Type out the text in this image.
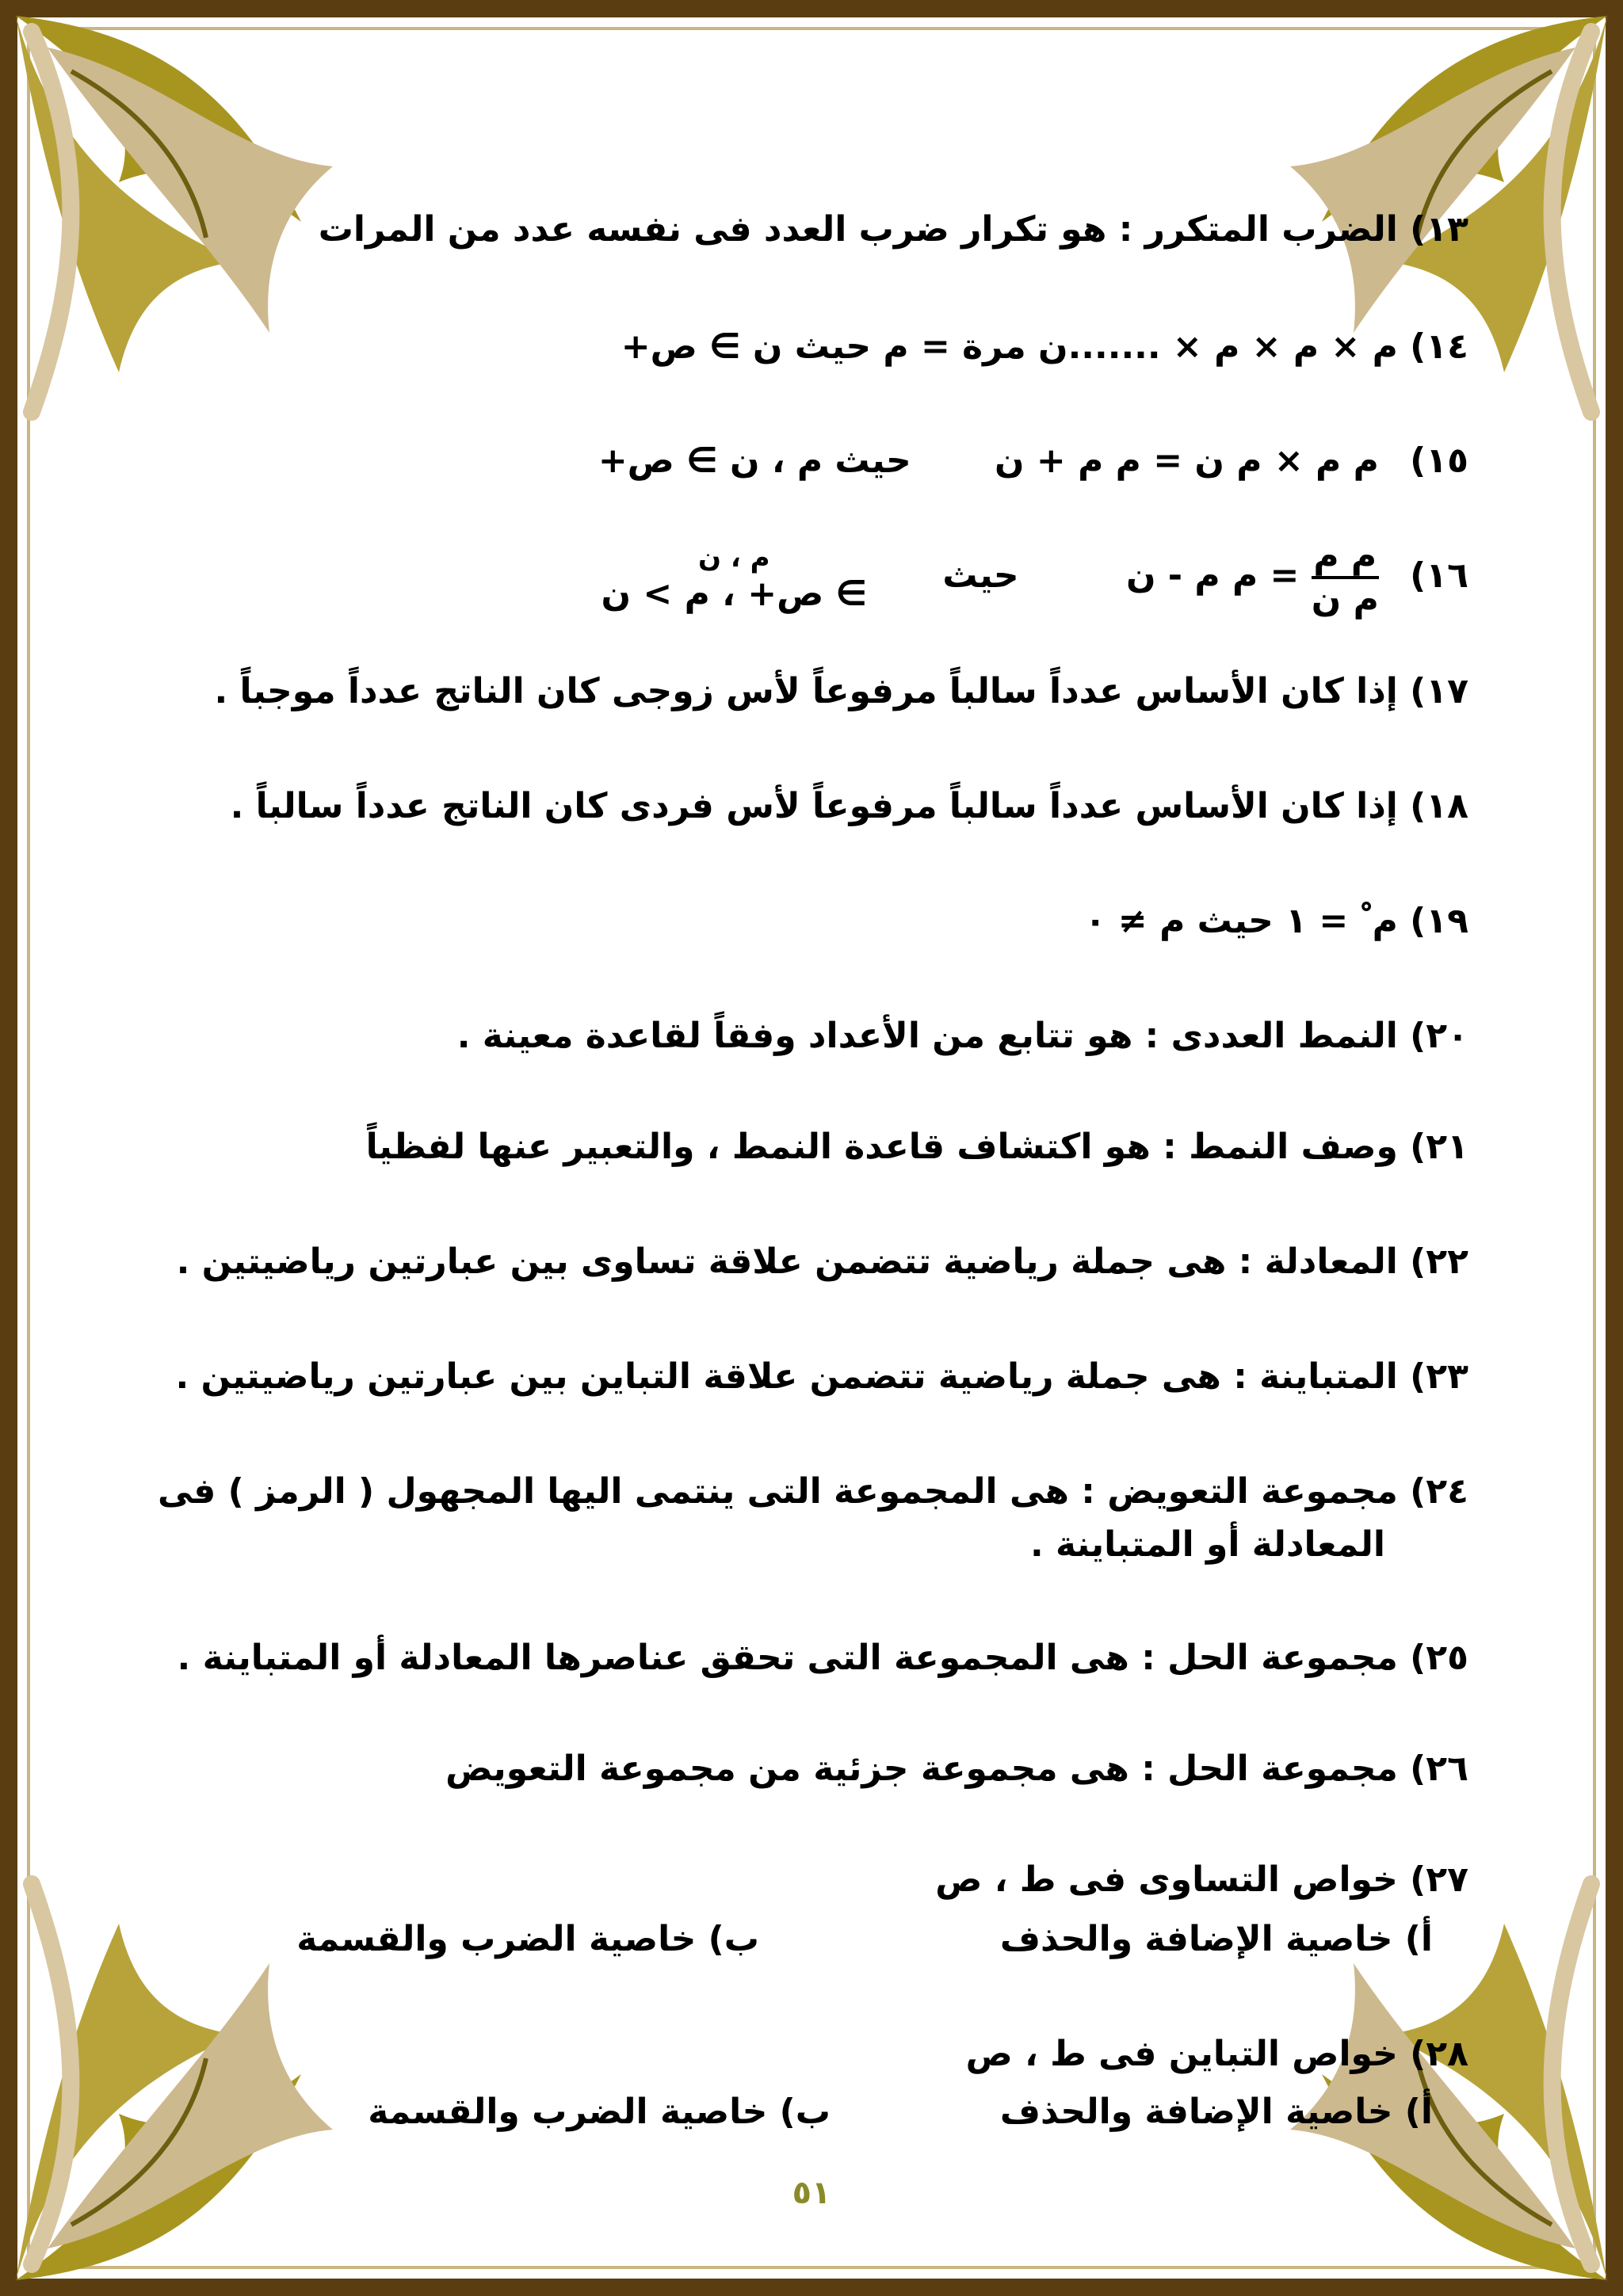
١٣) الضرب المتكرر : هو تكرار ضرب العدد فى نفسه عدد من المرات
١٤) م × م × م × .......ن مرة = م حيث ن ∋ ص+
١٥) م م × م ن = م م + ن حيث م ، ن ∋ ص+
١٦)
$\frac{\text{م م}}{\text{م ن}}$
= م م - ن حيث
م ، ن
∋ ص+ ، م > ن
١٧) إذا كان الأساس عدداً سالباً مرفوعاً لأس زوجى كان الناتج عدداً موجباً .
١٨) إذا كان الأساس عدداً سالباً مرفوعاً لأس فردى كان الناتج عدداً سالباً .
١٩) م ْ = ١ حيث م ≠ ٠
٢٠) النمط العددى : هو تتابع من الأعداد وفقاً لقاعدة معينة .
٢١) وصف النمط : هو اكتشاف قاعدة النمط ، والتعبير عنها لفظياً
٢٢) المعادلة : هى جملة رياضية تتضمن علاقة تساوى بين عبارتين رياضيتين .
٢٣) المتباينة : هى جملة رياضية تتضمن علاقة التباين بين عبارتين رياضيتين .
٢٤) مجموعة التعويض : هى المجموعة التى ينتمى اليها المجهول ( الرمز ) فى
المعادلة أو المتباينة .
٢٥) مجموعة الحل : هى المجموعة التى تحقق عناصرها المعادلة أو المتباينة .
٢٦) مجموعة الحل : هى مجموعة جزئية من مجموعة التعويض
٢٧) خواص التساوى فى ط ، ص
أ) خاصية الإضافة والحذف
ب) خاصية الضرب والقسمة
٢٨) خواص التباين فى ط ، ص
أ) خاصية الإضافة والحذف
ب) خاصية الضرب والقسمة
٥١
